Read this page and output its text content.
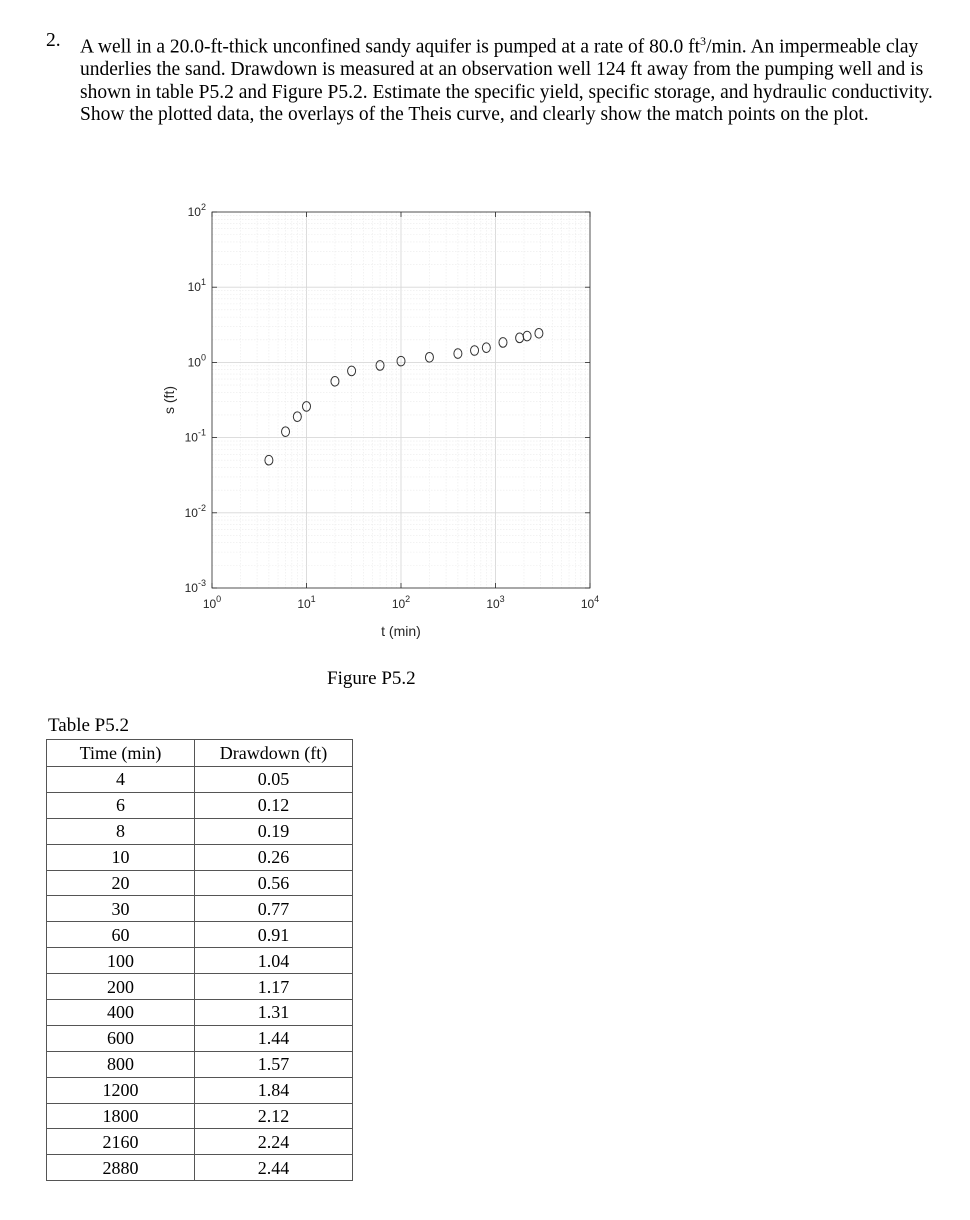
2. A well in a 20.0-ft-thick unconfined sandy aquifer is pumped at a rate of 80.0 $ft^3/\min$. An impermeable clay underlies the sand. Drawdown is measured at an observation well 124 ft away from the pumping well and is shown in table P5.2 and Figure P5.2. Estimate the specific yield, specific storage, and hydraulic conductivity. Show the plotted data, the overlays of the Theis curve, and clearly show the match points on the plot.
$10^2$
$10^1$
$10^0$
$10^{-1}$
$10^{-2}$
$10^{-3}$
$10^0$	$10^1$	$10^2$	$10^3$	$10^4$
t (min)
s (ft)
Figure P5.2
Table P5.2
Time (min)	Drawdown (ft)
4	0.05
6	0.12
8	0.19
10	0.26
20	0.56
30	0.77
60	0.91
100	1.04
200	1.17
400	1.31
600	1.44
800	1.57
1200	1.84
1800	2.12
2160	2.24
2880	2.44
